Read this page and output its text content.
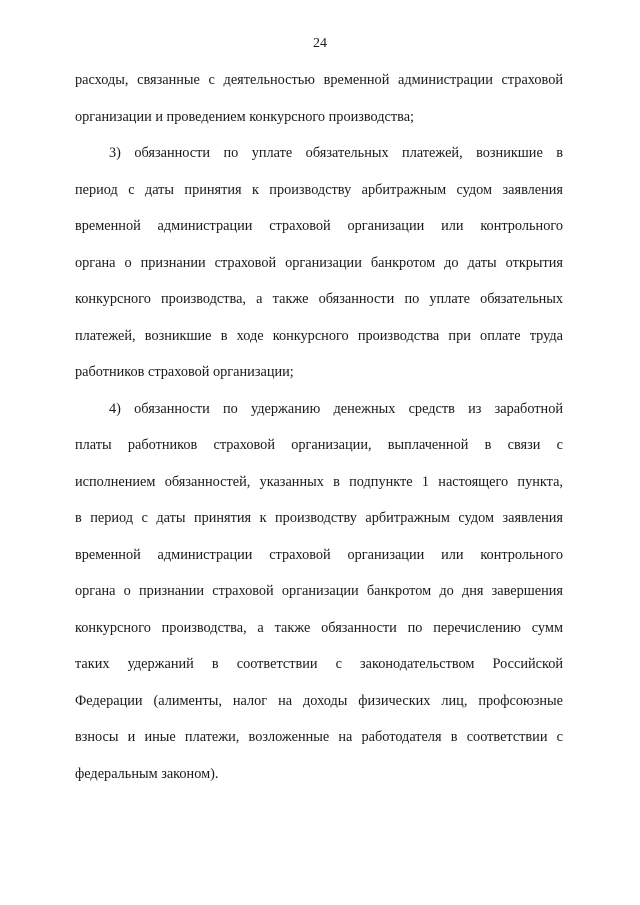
24
расходы, связанные с деятельностью временной администрации страховой
организации и проведением конкурсного производства;
3) обязанности по уплате обязательных платежей, возникшие в
период с даты принятия к производству арбитражным судом заявления
временной администрации страховой организации или контрольного
органа о признании страховой организации банкротом до даты открытия
конкурсного производства, а также обязанности по уплате обязательных
платежей, возникшие в ходе конкурсного производства при оплате труда
работников страховой организации;
4) обязанности по удержанию денежных средств из заработной
платы работников страховой организации, выплаченной в связи с
исполнением обязанностей, указанных в подпункте 1 настоящего пункта,
в период с даты принятия к производству арбитражным судом заявления
временной администрации страховой организации или контрольного
органа о признании страховой организации банкротом до дня завершения
конкурсного производства, а также обязанности по перечислению сумм
таких удержаний в соответствии с законодательством Российской
Федерации (алименты, налог на доходы физических лиц, профсоюзные
взносы и иные платежи, возложенные на работодателя в соответствии с
федеральным законом).
